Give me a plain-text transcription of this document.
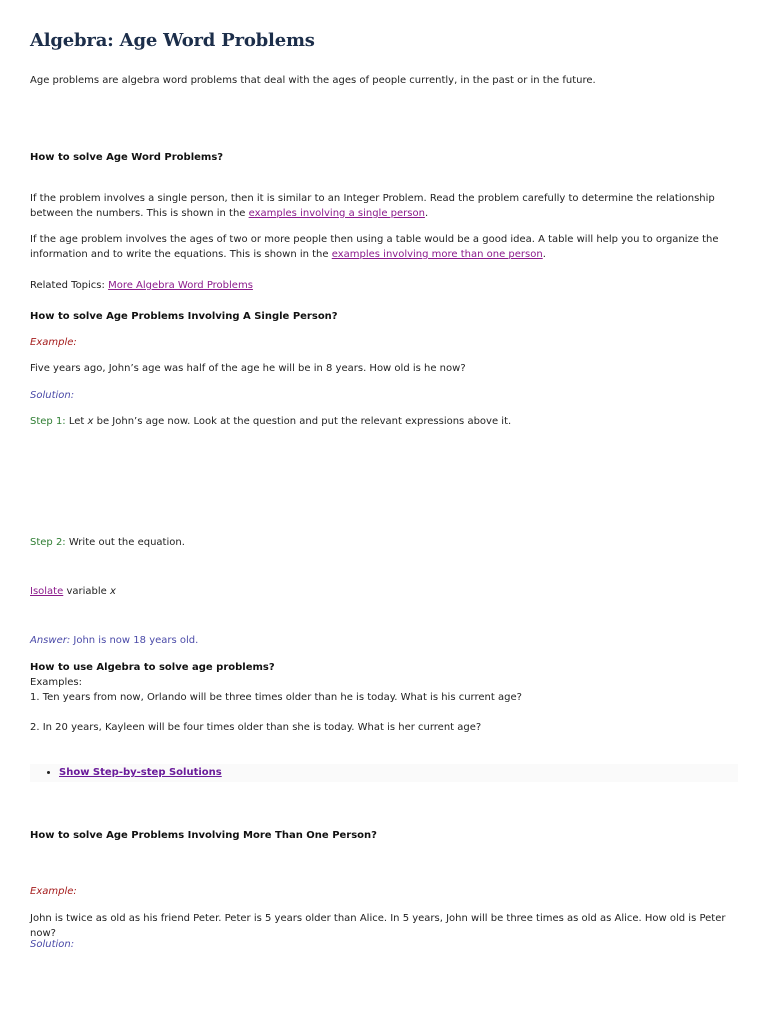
Algebra: Age Word Problems

Age problems are algebra word problems that deal with the ages of people currently, in the past or in the future.

How to solve Age Word Problems?

If the problem involves a single person, then it is similar to an Integer Problem. Read the problem carefully to determine the relationship between the numbers. This is shown in the examples involving a single person.

If the age problem involves the ages of two or more people then using a table would be a good idea. A table will help you to organize the information and to write the equations. This is shown in the examples involving more than one person.

Related Topics: More Algebra Word Problems

How to solve Age Problems Involving A Single Person?

Example:

Five years ago, John’s age was half of the age he will be in 8 years. How old is he now?

Solution:

Step 1: Let x be John’s age now. Look at the question and put the relevant expressions above it.

Step 2: Write out the equation.

Isolate variable x

Answer: John is now 18 years old.

How to use Algebra to solve age problems?

Examples:

1. Ten years from now, Orlando will be three times older than he is today. What is his current age?

2. In 20 years, Kayleen will be four times older than she is today. What is her current age?

• Show Step-by-step Solutions

How to solve Age Problems Involving More Than One Person?

Example:

John is twice as old as his friend Peter. Peter is 5 years older than Alice. In 5 years, John will be three times as old as Alice. How old is Peter now?

Solution:
